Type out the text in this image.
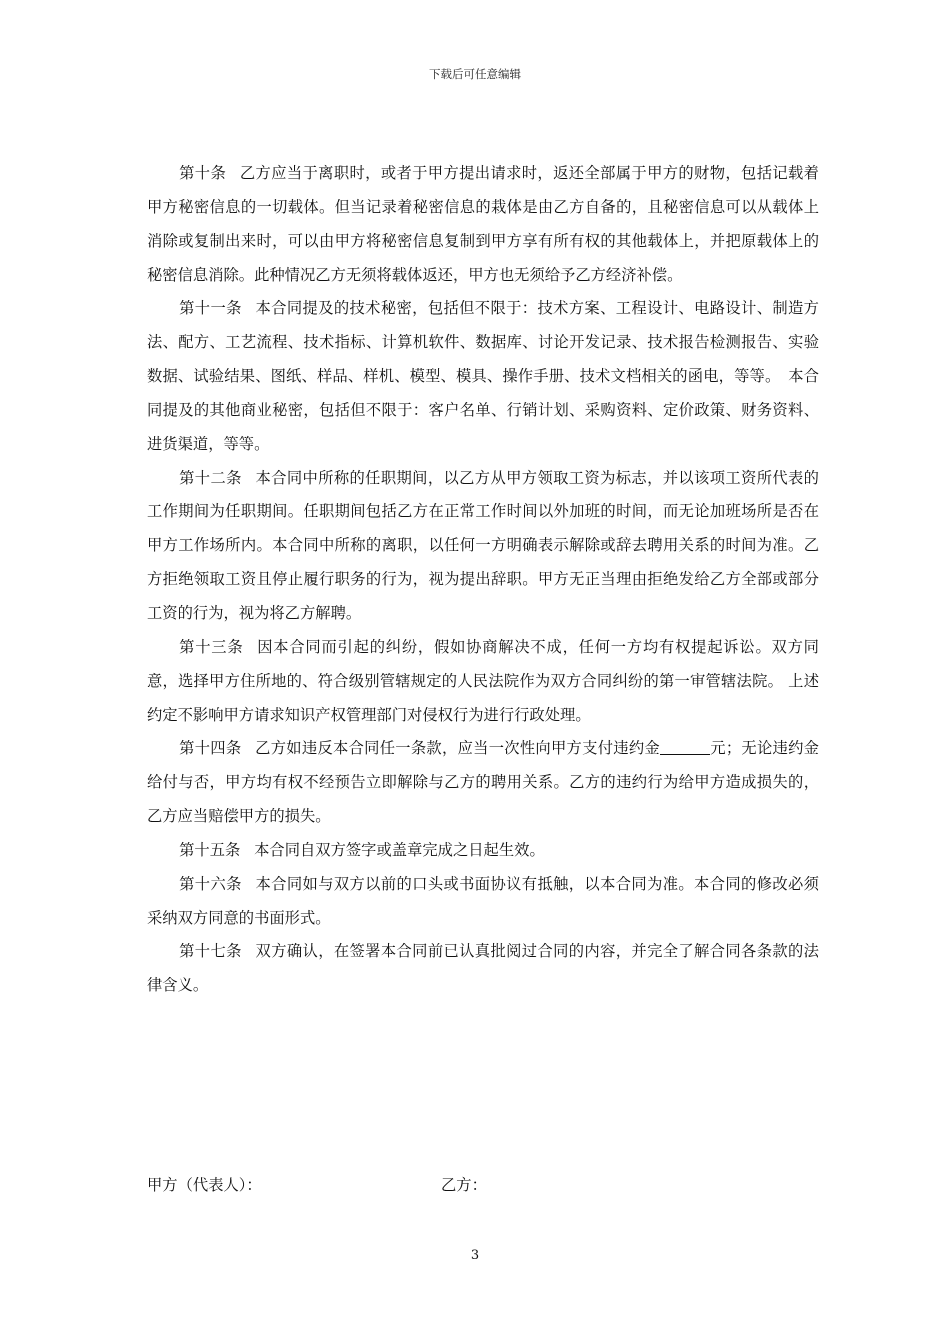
下载后可任意编辑

第十条 乙方应当于离职时，或者于甲方提出请求时，返还全部属于甲方的财物，包括记载着甲方秘密信息的一切载体。但当记录着秘密信息的栽体是由乙方自备的，且秘密信息可以从载体上消除或复制出来时，可以由甲方将秘密信息复制到甲方享有所有权的其他载体上，并把原载体上的秘密信息消除。此种情况乙方无须将载体返还，甲方也无须给予乙方经济补偿。

第十一条 本合同提及的技术秘密，包括但不限于：技术方案、工程设计、电路设计、制造方法、配方、工艺流程、技术指标、计算机软件、数据库、讨论开发记录、技术报告检测报告、实验数据、试验结果、图纸、样品、样机、模型、模具、操作手册、技术文档相关的函电，等等。　本合同提及的其他商业秘密，包括但不限于：客户名单、行销计划、采购资料、定价政策、财务资料、进货渠道，等等。

第十二条 本合同中所称的任职期间，以乙方从甲方领取工资为标志，并以该项工资所代表的工作期间为任职期间。任职期间包括乙方在正常工作时间以外加班的时间，而无论加班场所是否在甲方工作场所内。本合同中所称的离职，以任何一方明确表示解除或辞去聘用关系的时间为准。乙方拒绝领取工资且停止履行职务的行为，视为提出辞职。甲方无正当理由拒绝发给乙方全部或部分工资的行为，视为将乙方解聘。

第十三条 因本合同而引起的纠纷，假如协商解决不成，任何一方均有权提起诉讼。双方同意，选择甲方住所地的、符合级别管辖规定的人民法院作为双方合同纠纷的第一审管辖法院。 上述约定不影响甲方请求知识产权管理部门对侵权行为进行行政处理。

第十四条 乙方如违反本合同任一条款，应当一次性向甲方支付违约金	元；无论违约金给付与否，甲方均有权不经预告立即解除与乙方的聘用关系。乙方的违约行为给甲方造成损失的，乙方应当赔偿甲方的损失。

第十五条 本合同自双方签字或盖章完成之日起生效。

第十六条 本合同如与双方以前的口头或书面协议有抵触，以本合同为准。本合同的修改必须采纳双方同意的书面形式。

第十七条 双方确认，在签署本合同前已认真批阅过合同的内容，并完全了解合同各条款的法律含义。

甲方（代表人）：	乙方：
3
